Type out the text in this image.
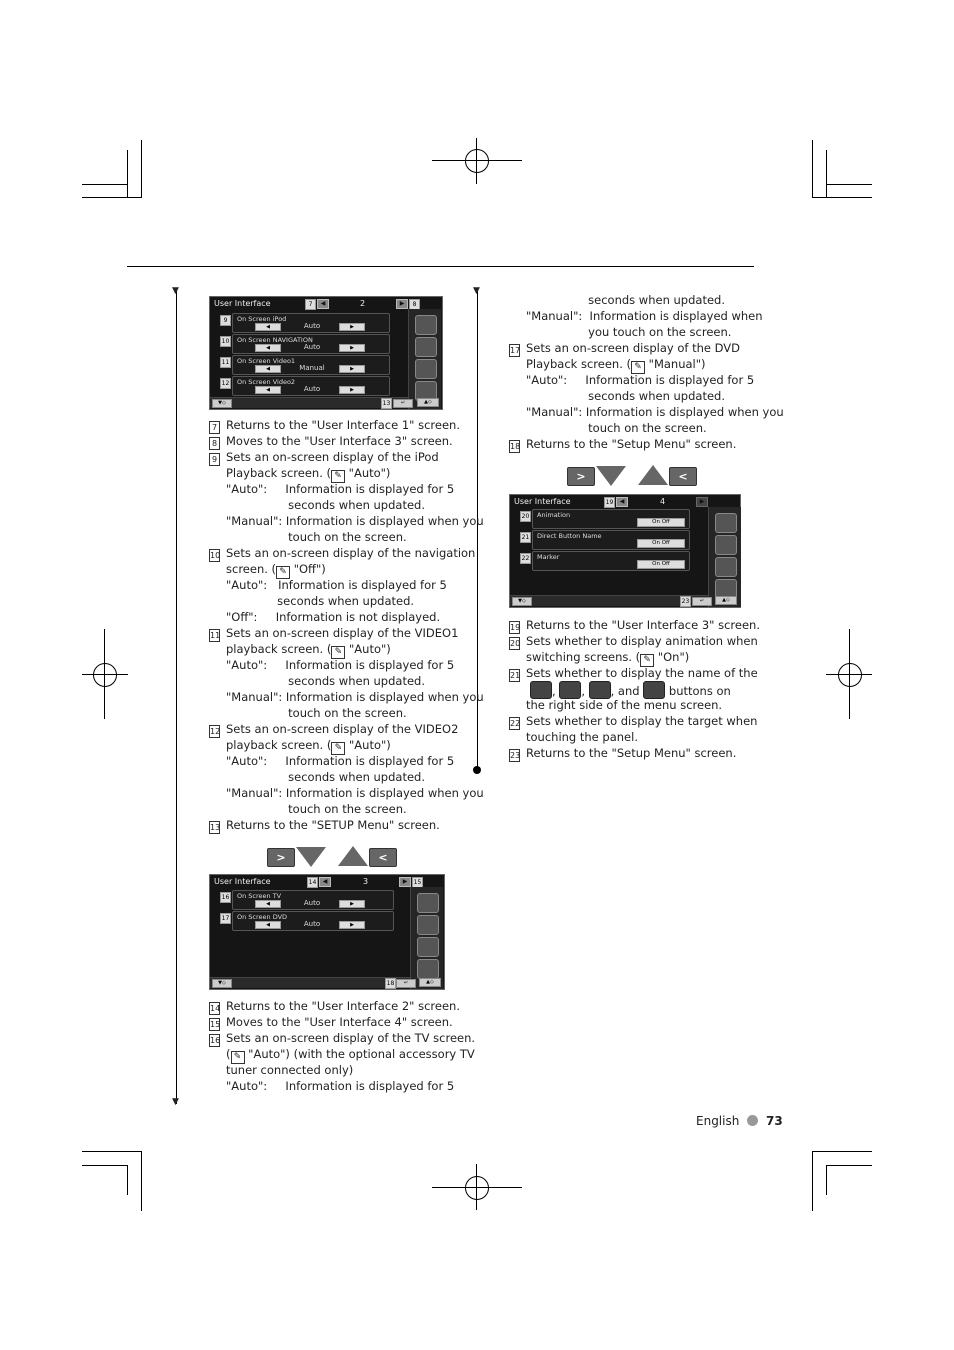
▼
▼
▼
User Interface	7	◀	2	▶	8
9	On Screen iPod
◀	Auto	▶
10 On Screen NAVIGATION
◀	Auto	▶
11 On Screen Video1
◀	Manual	▶
12 On Screen Video2
◀	Auto	▶
▼◇	13	↵	▲◇
7 Returns to the "User Interface 1" screen.
8 Moves to the "User Interface 3" screen.
9 Sets an on-screen display of the iPod
Playback screen. ( ✎ "Auto")
"Auto":     Information is displayed for 5
seconds when updated.
"Manual": Information is displayed when you
touch on the screen.
10 Sets an on-screen display of the navigation
screen. ( ✎ "Off")
"Auto":   Information is displayed for 5
seconds when updated.
"Off":     Information is not displayed.
11 Sets an on-screen display of the VIDEO1
playback screen. ( ✎ "Auto")
"Auto":     Information is displayed for 5
seconds when updated.
"Manual": Information is displayed when you
touch on the screen.
12 Sets an on-screen display of the VIDEO2
playback screen. ( ✎ "Auto")
"Auto":     Information is displayed for 5
seconds when updated.
"Manual": Information is displayed when you
touch on the screen.
13 Returns to the "SETUP Menu" screen.
>	<
User Interface	14	◀	3	▶	15
16 On Screen TV
◀	Auto	▶
17 On Screen DVD
◀	Auto	▶
▼◇	18	↵	▲◇
14 Returns to the "User Interface 2" screen.
15 Moves to the "User Interface 4" screen.
16 Sets an on-screen display of the TV screen.
( ✎ "Auto") (with the optional accessory TV
tuner connected only)
"Auto":     Information is displayed for 5
seconds when updated.
"Manual":  Information is displayed when
you touch on the screen.
17 Sets an on-screen display of the DVD
Playback screen. ( ✎ "Manual")
"Auto":     Information is displayed for 5
seconds when updated.
"Manual": Information is displayed when you
touch on the screen.
18 Returns to the "Setup Menu" screen.
>	<
User Interface	19	◀	4	▶
20 Animation
On Off
21 Direct Button Name
On Off
22 Marker
On Off
▼◇	23	↵	▲◇
19 Returns to the "User Interface 3" screen.
20 Sets whether to display animation when
switching screens. ( ✎ "On")
21 Sets whether to display the name of the
, , , and	buttons on
the right side of the menu screen.
22 Sets whether to display the target when
touching the panel.
23 Returns to the "Setup Menu" screen.
English 73
